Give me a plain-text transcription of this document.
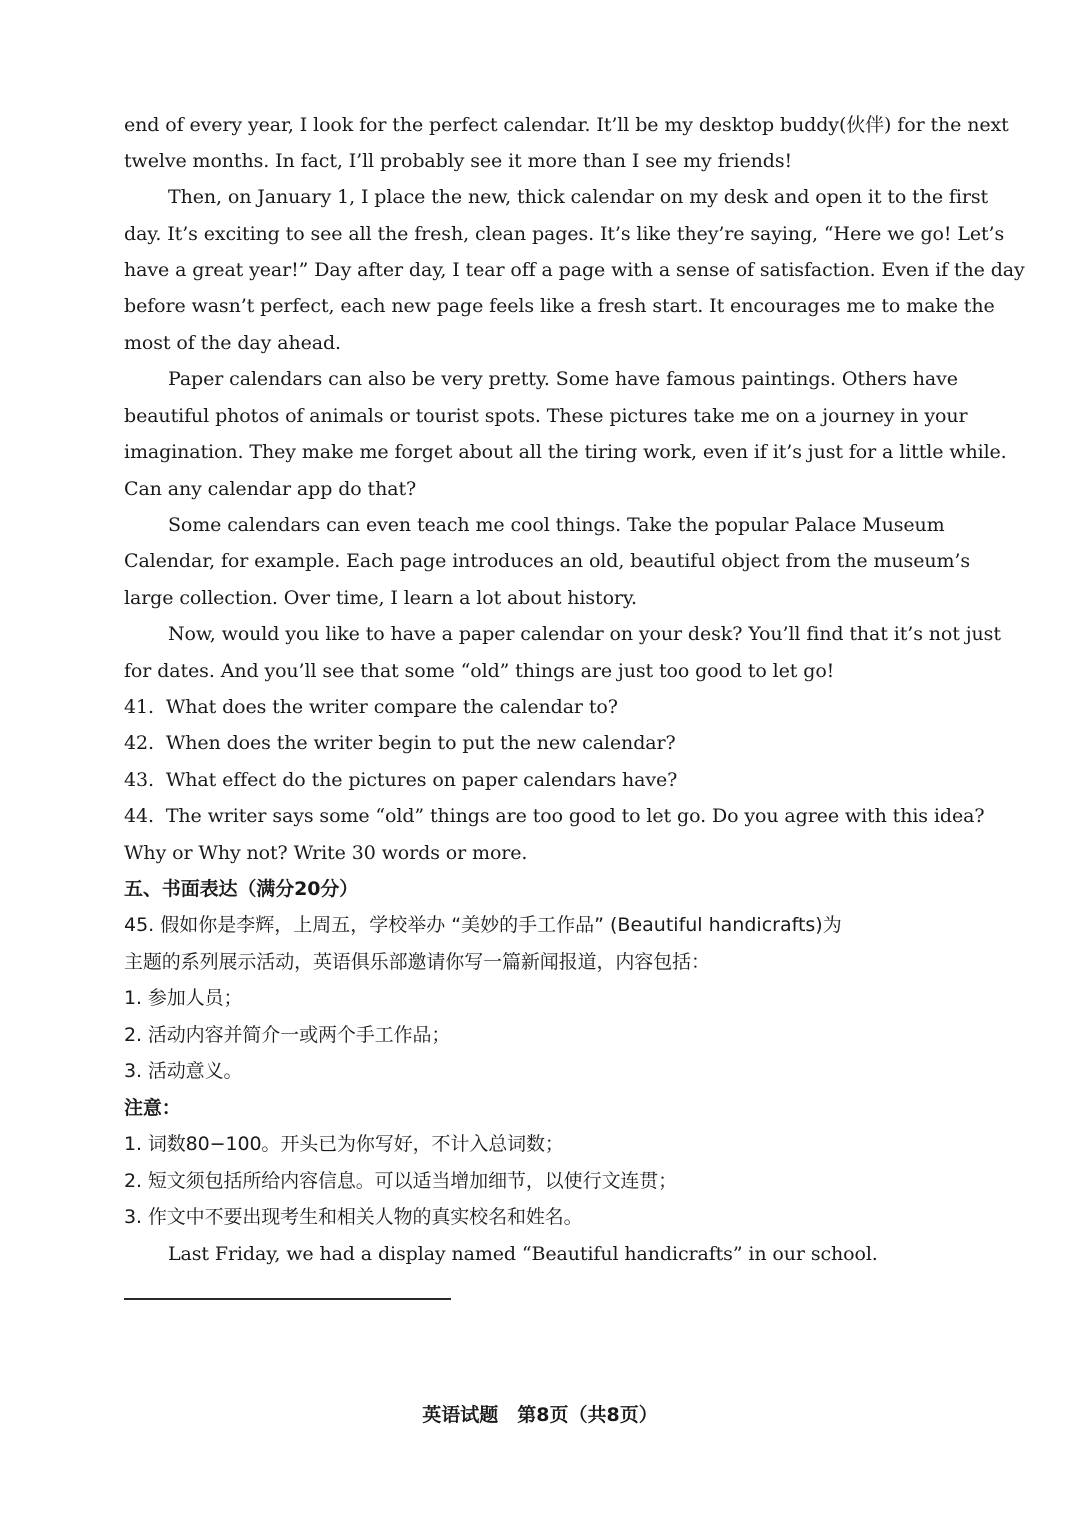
end of every year, I look for the perfect calendar. It’ll be my desktop buddy(伙伴) for the next
twelve months. In fact, I’ll probably see it more than I see my friends!
Then, on January 1, I place the new, thick calendar on my desk and open it to the first
day. It’s exciting to see all the fresh, clean pages. It’s like they’re saying, “Here we go! Let’s
have a great year!” Day after day, I tear off a page with a sense of satisfaction. Even if the day
before wasn’t perfect, each new page feels like a fresh start. It encourages me to make the
most of the day ahead.
Paper calendars can also be very pretty. Some have famous paintings. Others have
beautiful photos of animals or tourist spots. These pictures take me on a journey in your
imagination. They make me forget about all the tiring work, even if it’s just for a little while.
Can any calendar app do that?
Some calendars can even teach me cool things. Take the popular Palace Museum
Calendar, for example. Each page introduces an old, beautiful object from the museum’s
large collection. Over time, I learn a lot about history.
Now, would you like to have a paper calendar on your desk? You’ll find that it’s not just
for dates. And you’ll see that some “old” things are just too good to let go!
41. What does the writer compare the calendar to?
42. When does the writer begin to put the new calendar?
43. What effect do the pictures on paper calendars have?
44. The writer says some “old” things are too good to let go. Do you agree with this idea?
Why or Why not? Write 30 words or more.
五、书面表达（满分20分）
45. 假如你是李辉，上周五，学校举办 “美妙的手工作品” (Beautiful handicrafts)为
主题的系列展示活动，英语俱乐部邀请你写一篇新闻报道，内容包括：
1. 参加人员；
2. 活动内容并简介一或两个手工作品；
3. 活动意义。
注意：
1. 词数80−100。开头已为你写好，不计入总词数；
2. 短文须包括所给内容信息。可以适当增加细节，以使行文连贯；
3. 作文中不要出现考生和相关人物的真实校名和姓名。
Last Friday, we had a display named “Beautiful handicrafts” in our school.
英语试题　第8页（共8页）
